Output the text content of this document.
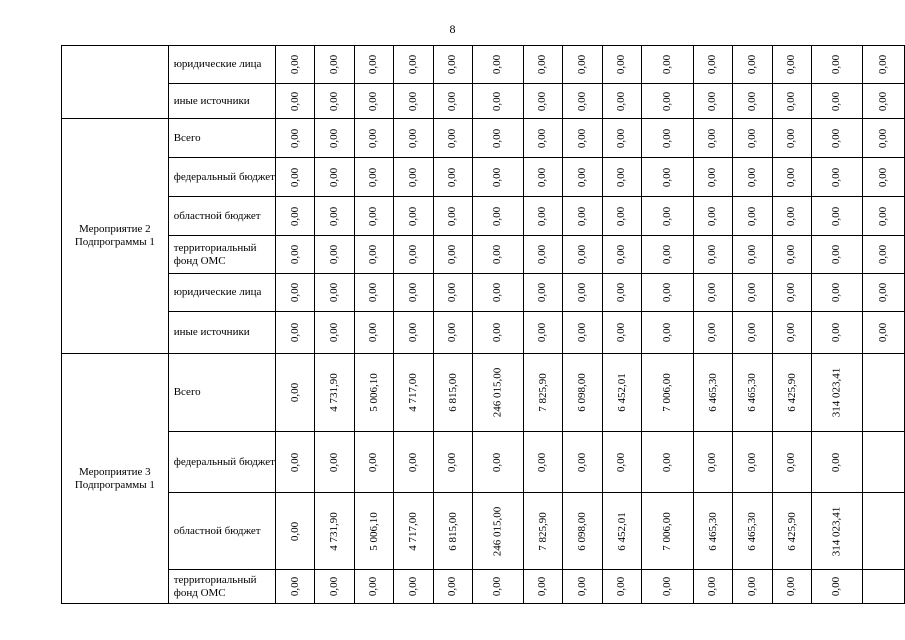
8
	юридические лица	0,00	0,00	0,00	0,00	0,00	0,00	0,00	0,00	0,00	0,00	0,00	0,00	0,00	0,00	0,00
	иные источники	0,00	0,00	0,00	0,00	0,00	0,00	0,00	0,00	0,00	0,00	0,00	0,00	0,00	0,00	0,00
Мероприятие 2 Подпрограммы 1	Всего	0,00	0,00	0,00	0,00	0,00	0,00	0,00	0,00	0,00	0,00	0,00	0,00	0,00	0,00	0,00
	федеральный бюджет	0,00	0,00	0,00	0,00	0,00	0,00	0,00	0,00	0,00	0,00	0,00	0,00	0,00	0,00	0,00
	областной бюджет	0,00	0,00	0,00	0,00	0,00	0,00	0,00	0,00	0,00	0,00	0,00	0,00	0,00	0,00	0,00
	территориальный фонд ОМС	0,00	0,00	0,00	0,00	0,00	0,00	0,00	0,00	0,00	0,00	0,00	0,00	0,00	0,00	0,00
	юридические лица	0,00	0,00	0,00	0,00	0,00	0,00	0,00	0,00	0,00	0,00	0,00	0,00	0,00	0,00	0,00
	иные источники	0,00	0,00	0,00	0,00	0,00	0,00	0,00	0,00	0,00	0,00	0,00	0,00	0,00	0,00	0,00
Мероприятие 3 Подпрограммы 1	Всего	0,00	4 731,90	5 006,10	4 717,00	6 815,00	246 015,00	7 825,90	6 098,00	6 452,01	7 006,00	6 465,30	6 465,30	6 425,90	314 023,41	
	федеральный бюджет	0,00	0,00	0,00	0,00	0,00	0,00	0,00	0,00	0,00	0,00	0,00	0,00	0,00	0,00	
	областной бюджет	0,00	4 731,90	5 006,10	4 717,00	6 815,00	246 015,00	7 825,90	6 098,00	6 452,01	7 006,00	6 465,30	6 465,30	6 425,90	314 023,41	
	территориальный фонд ОМС	0,00	0,00	0,00	0,00	0,00	0,00	0,00	0,00	0,00	0,00	0,00	0,00	0,00	0,00	
